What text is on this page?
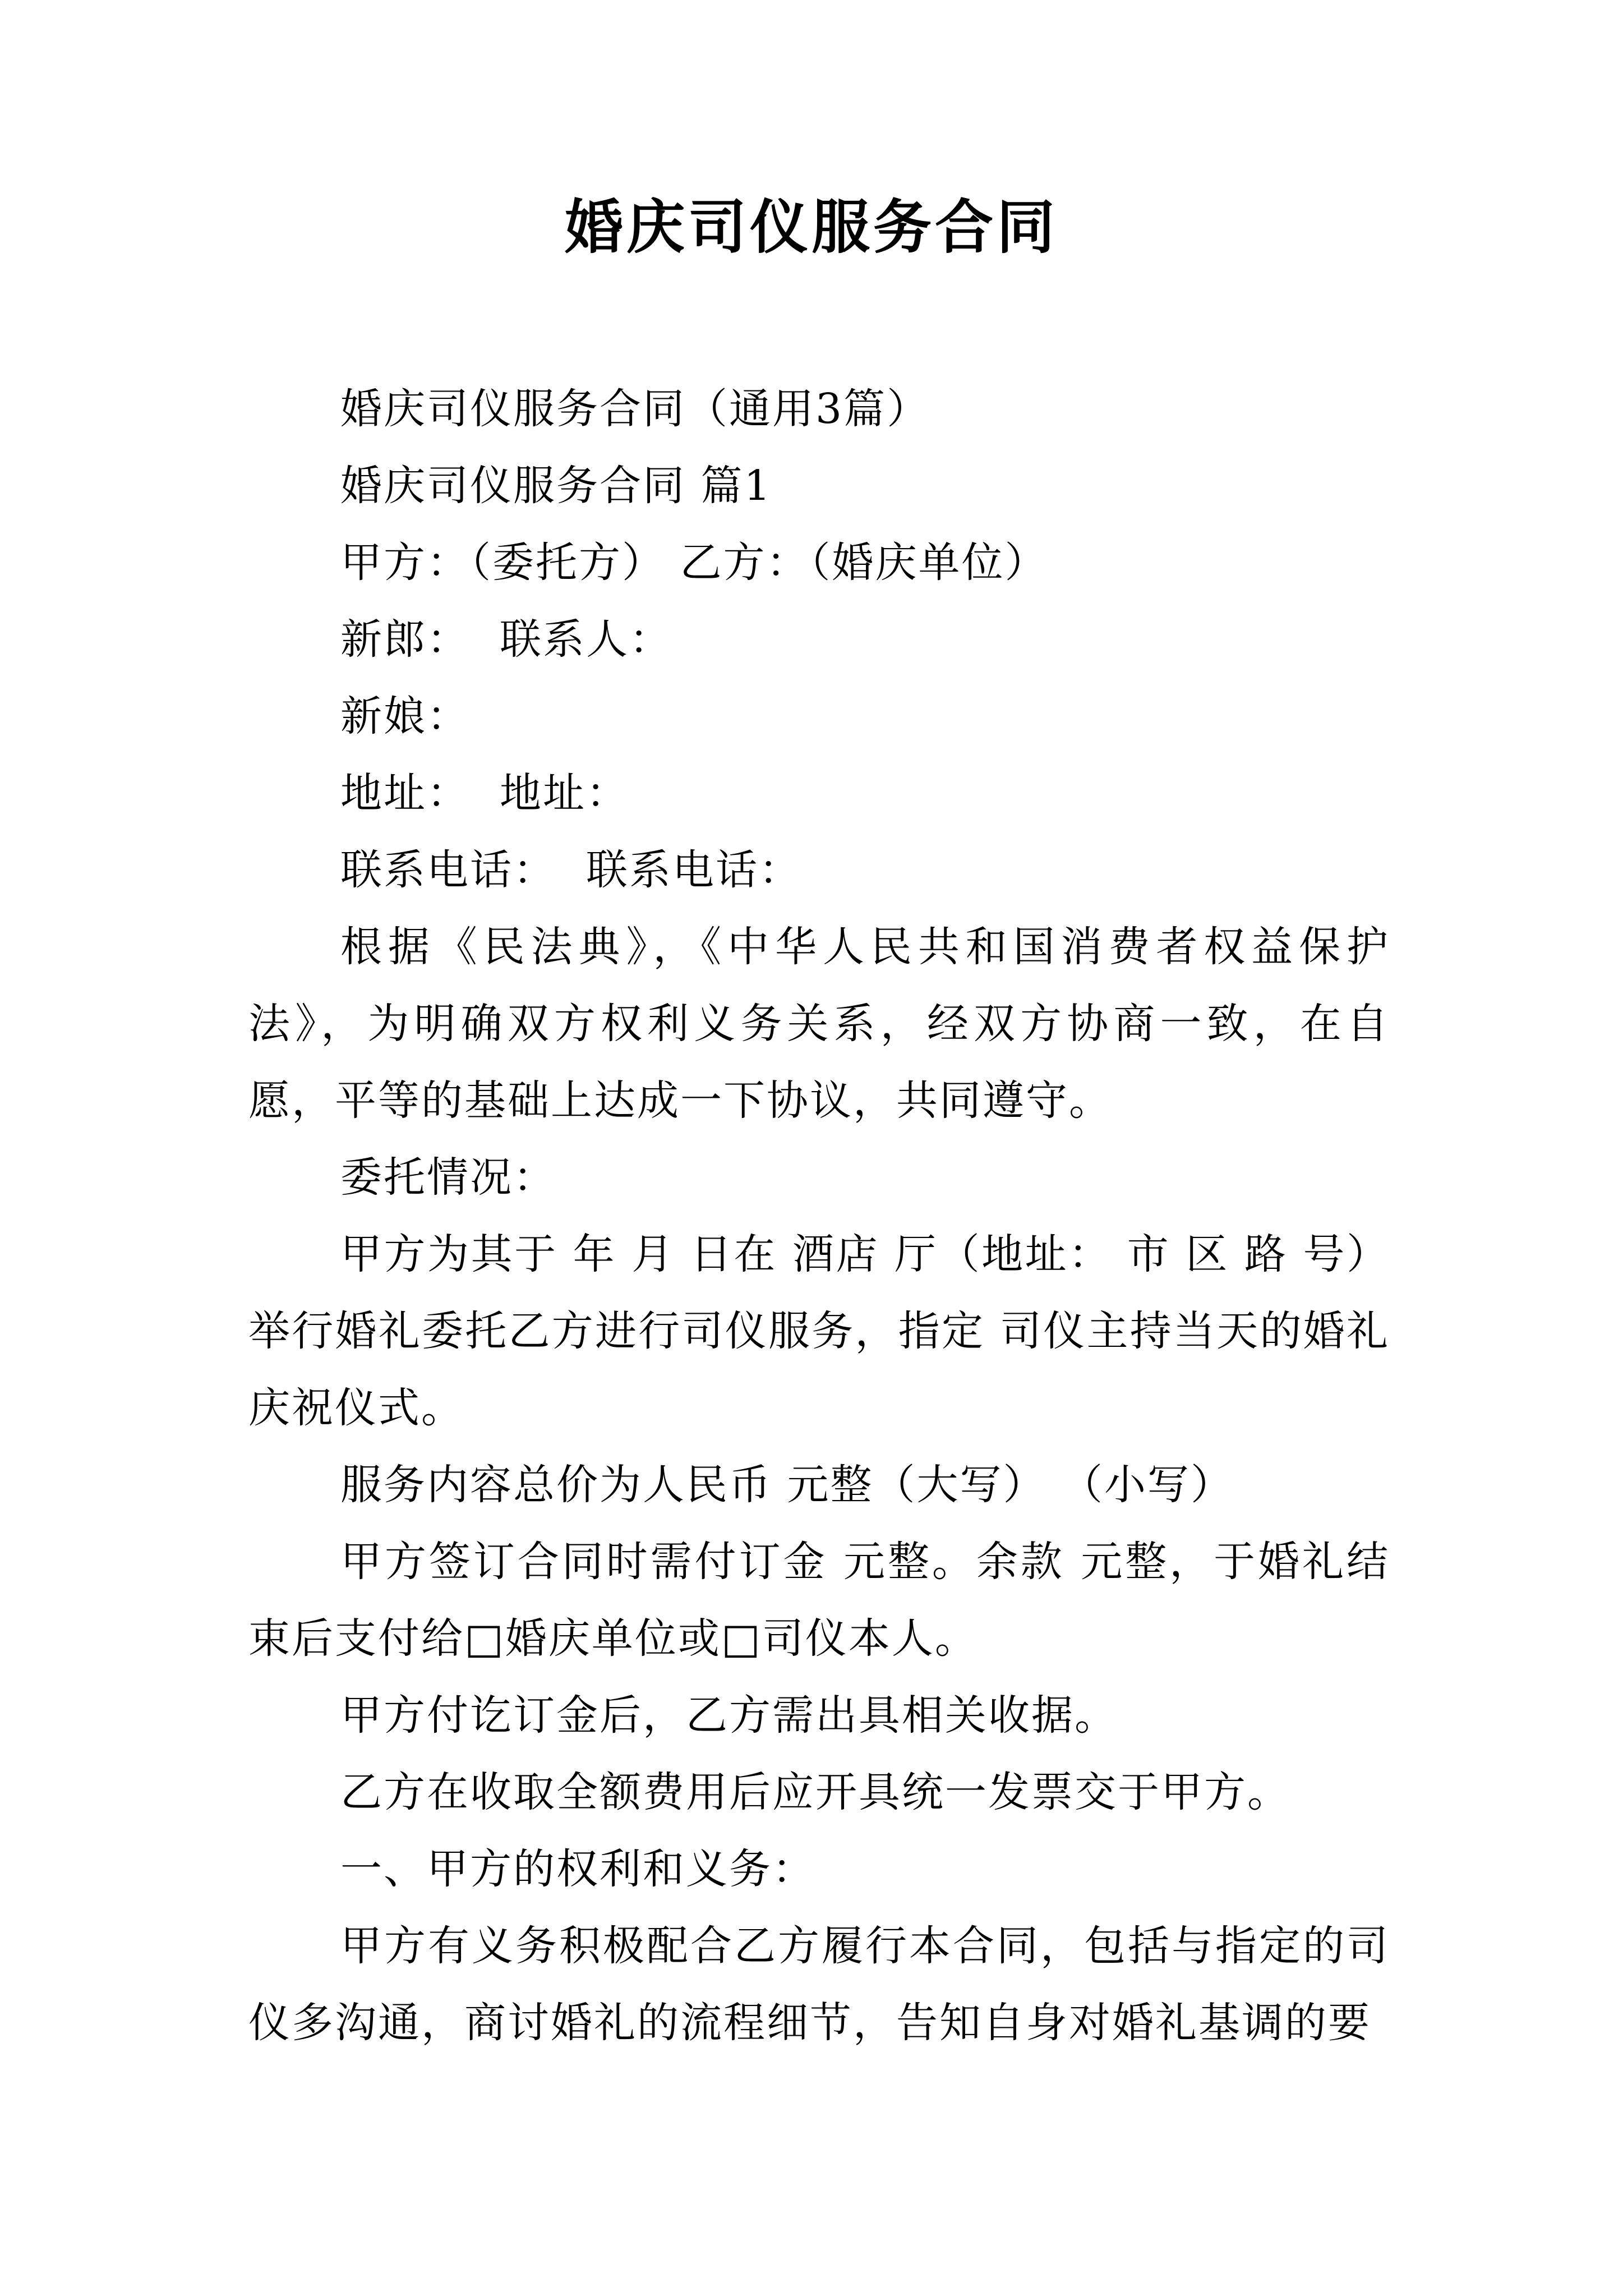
婚庆司仪服务合同

婚庆司仪服务合同（通用3篇）

婚庆司仪服务合同 篇1

甲方：（委托方） 乙方：（婚庆单位）

新郎：  联系人：

新娘：

地址：  地址：

联系电话：  联系电话：

根据《民法典》，《中华人民共和国消费者权益保护法》，为明确双方权利义务关系，经双方协商一致，在自愿，平等的基础上达成一下协议，共同遵守。

委托情况：

甲方为其于 年 月 日在 酒店 厅（地址： 市 区 路 号）举行婚礼委托乙方进行司仪服务，指定 司仪主持当天的婚礼庆祝仪式。

服务内容总价为人民币 元整（大写） （小写）

甲方签订合同时需付订金 元整。余款 元整，于婚礼结束后支付给□婚庆单位或□司仪本人。

甲方付讫订金后，乙方需出具相关收据。

乙方在收取全额费用后应开具统一发票交于甲方。

一、甲方的权利和义务：

甲方有义务积极配合乙方履行本合同，包括与指定的司仪多沟通，商讨婚礼的流程细节，告知自身对婚礼基调的要
